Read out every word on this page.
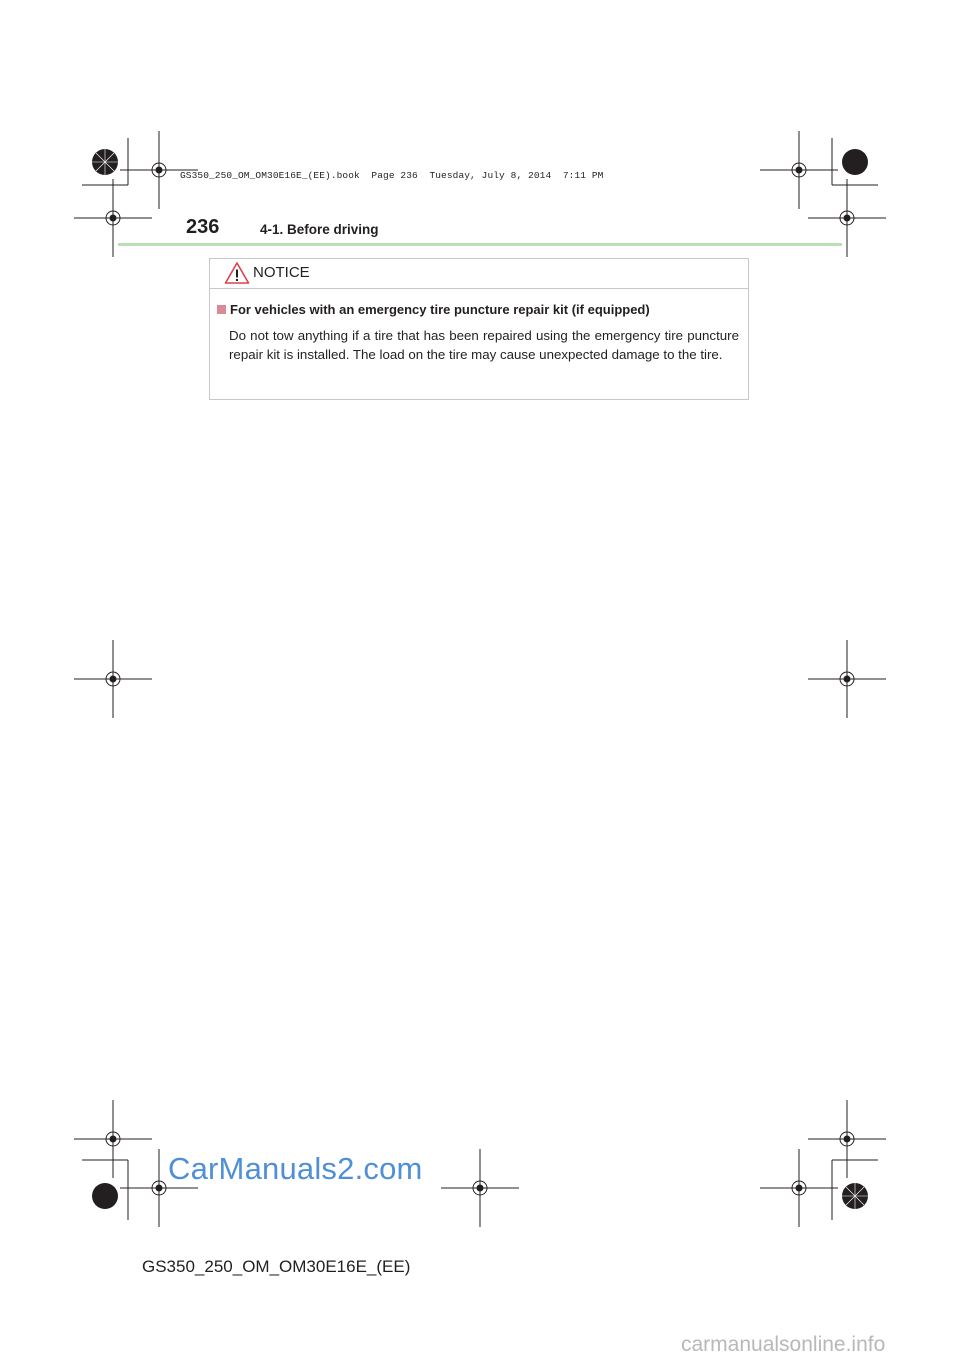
GS350_250_OM_OM30E16E_(EE).book  Page 236  Tuesday, July 8, 2014  7:11 PM
236	4-1. Before driving
NOTICE
For vehicles with an emergency tire puncture repair kit (if equipped)
Do not tow anything if a tire that has been repaired using the emergency tire puncture repair kit is installed. The load on the tire may cause unexpected damage to the tire.
CarManuals2.com
GS350_250_OM_OM30E16E_(EE)
carmanualsonline.info
